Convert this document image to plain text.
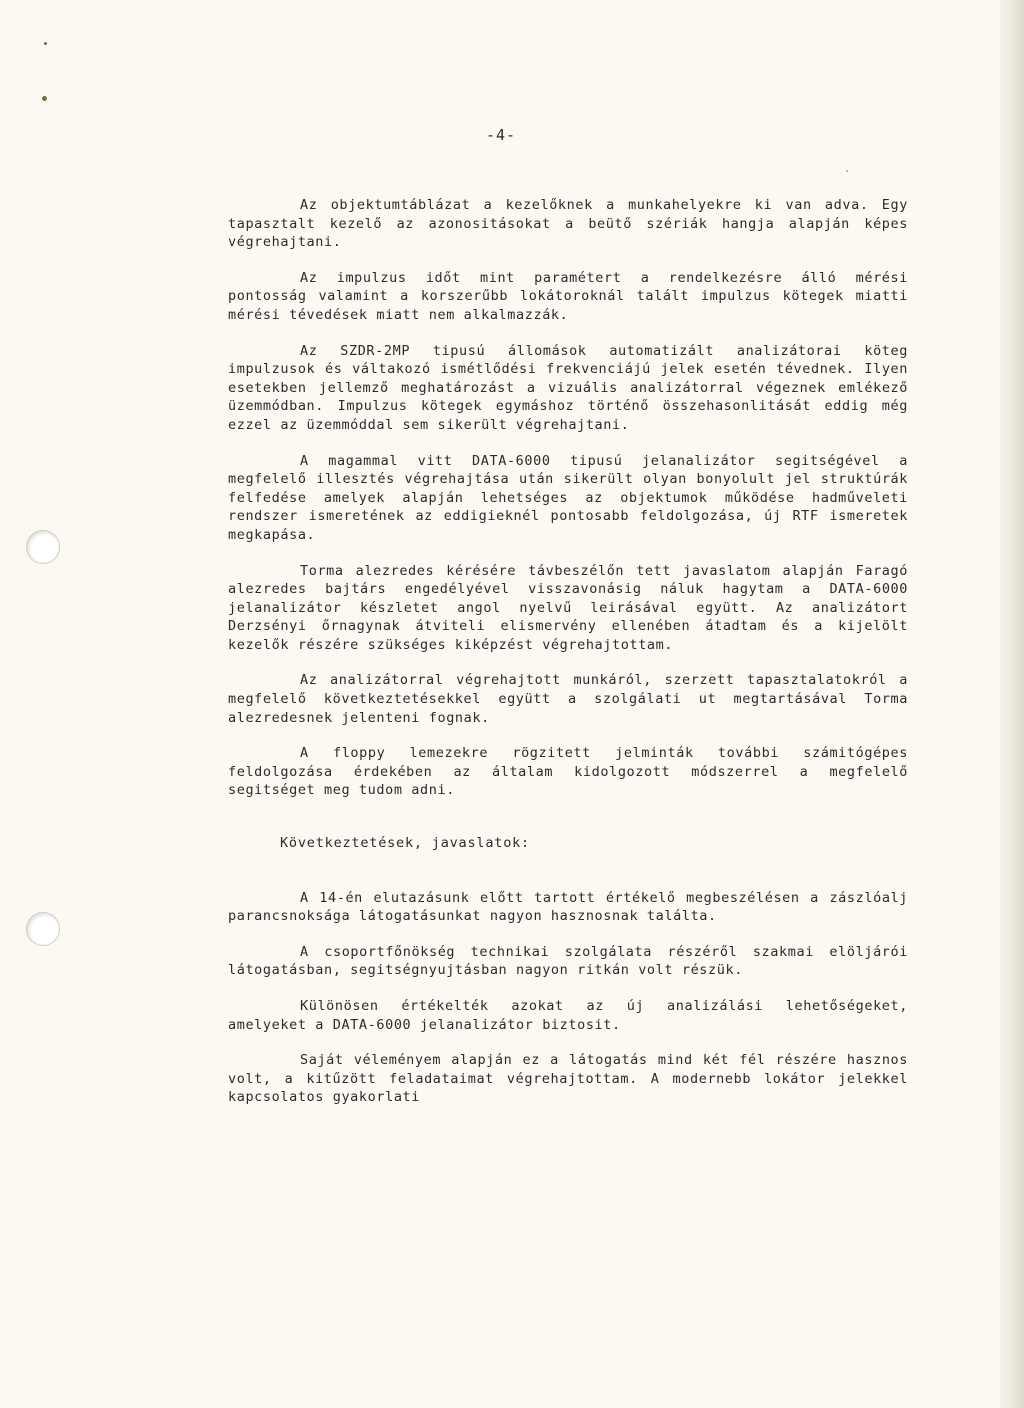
-4-

Az objektumtáblázat a kezelőknek a munkahelyekre ki van adva. Egy tapasztalt kezelő az azonositásokat a beütő szériák hangja alapján képes végrehajtani.

Az impulzus időt mint paramétert a rendelkezésre álló mérési pontosság valamint a korszerűbb lokátoroknál talált impulzus kötegek miatti mérési tévedések miatt nem alkalmazzák.

Az SZDR-2MP tipusú állomások automatizált analizátorai köteg impulzusok és váltakozó ismétlődési frekvenciájú jelek esetén tévednek. Ilyen esetekben jellemző meghatározást a vizuális analizátorral végeznek emlékező üzemmódban. Impulzus kötegek egymáshoz történő összehasonlitását eddig még ezzel az üzemmóddal sem sikerült végrehajtani.

A magammal vitt DATA-6000 tipusú jelanalizátor segitségével a megfelelő illesztés végrehajtása után sikerült olyan bonyolult jel struktúrák felfedése amelyek alapján lehetséges az objektumok működése hadműveleti rendszer ismeretének az eddigieknél pontosabb feldolgozása, új RTF ismeretek megkapása.

Torma alezredes kérésére távbeszélőn tett javaslatom alapján Faragó alezredes bajtárs engedélyével visszavonásig náluk hagytam a DATA-6000 jelanalizátor készletet angol nyelvű leirásával együtt. Az analizátort Derzsényi őrnagynak átviteli elismervény ellenében átadtam és a kijelölt kezelők részére szükséges kiképzést végrehajtottam.

Az analizátorral végrehajtott munkáról, szerzett tapasztalatokról a megfelelő következtetésekkel együtt a szolgálati ut megtartásával Torma alezredesnek jelenteni fognak.

A floppy lemezekre rögzitett jelminták további számitógépes feldolgozása érdekében az általam kidolgozott módszerrel a megfelelő segitséget meg tudom adni.

Következtetések, javaslatok:

A 14-én elutazásunk előtt tartott értékelő megbeszélésen a zászlóalj parancsnoksága látogatásunkat nagyon hasznosnak találta.

A csoportfőnökség technikai szolgálata részéről szakmai elöljárói látogatásban, segitségnyujtásban nagyon ritkán volt részük.

Különösen értékelték azokat az új analizálási lehetőségeket, amelyeket a DATA-6000 jelanalizátor biztosit.

Saját véleményem alapján ez a látogatás mind két fél részére hasznos volt, a kitűzött feladataimat végrehajtottam. A modernebb lokátor jelekkel kapcsolatos gyakorlati
